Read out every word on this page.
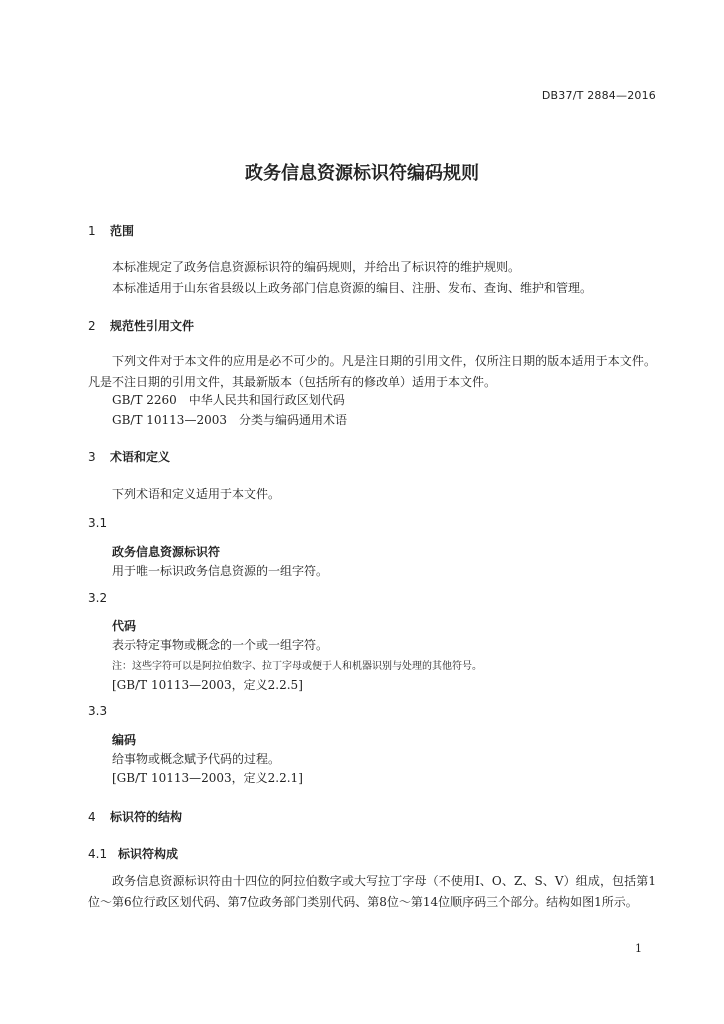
DB37/T 2884—2016
政务信息资源标识符编码规则
1 范围
本标准规定了政务信息资源标识符的编码规则，并给出了标识符的维护规则。
本标准适用于山东省县级以上政务部门信息资源的编目、注册、发布、查询、维护和管理。
2 规范性引用文件
下列文件对于本文件的应用是必不可少的。凡是注日期的引用文件，仅所注日期的版本适用于本文件。凡是不注日期的引用文件，其最新版本（包括所有的修改单）适用于本文件。
GB/T 2260　中华人民共和国行政区划代码
GB/T 10113—2003　分类与编码通用术语
3 术语和定义
下列术语和定义适用于本文件。
3.1
政务信息资源标识符
用于唯一标识政务信息资源的一组字符。
3.2
代码
表示特定事物或概念的一个或一组字符。
注：这些字符可以是阿拉伯数字、拉丁字母或便于人和机器识别与处理的其他符号。
[GB/T 10113—2003，定义2.2.5]
3.3
编码
给事物或概念赋予代码的过程。
[GB/T 10113—2003，定义2.2.1]
4 标识符的结构
4.1 标识符构成
政务信息资源标识符由十四位的阿拉伯数字或大写拉丁字母（不使用I、O、Z、S、V）组成，包括第1位～第6位行政区划代码、第7位政务部门类别代码、第8位～第14位顺序码三个部分。结构如图1所示。
1
